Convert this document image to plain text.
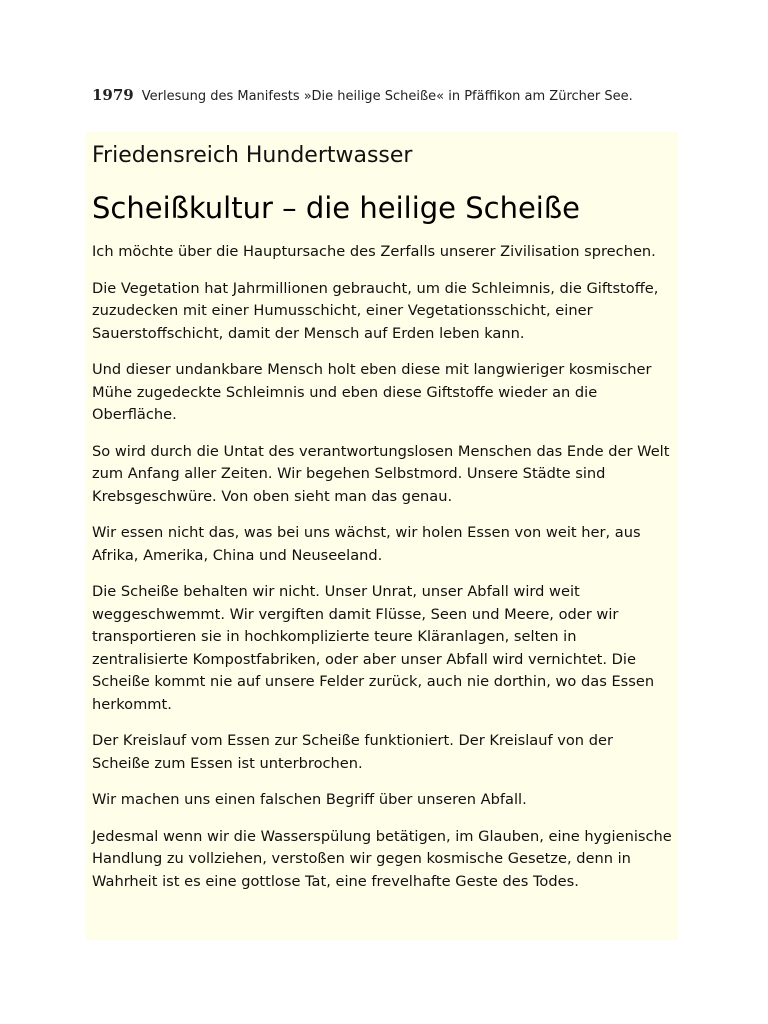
1979 Verlesung des Manifests »Die heilige Scheiße« in Pfäffikon am Zürcher See.
Friedensreich Hundertwasser
Scheißkultur – die heilige Scheiße

Ich möchte über die Hauptursache des Zerfalls unserer Zivilisation sprechen.

Die Vegetation hat Jahrmillionen gebraucht, um die Schleimnis, die Giftstoffe, zuzudecken mit einer Humusschicht, einer Vegetationsschicht, einer Sauerstoffschicht, damit der Mensch auf Erden leben kann.

Und dieser undankbare Mensch holt eben diese mit langwieriger kosmischer Mühe zugedeckte Schleimnis und eben diese Giftstoffe wieder an die Oberfläche.

So wird durch die Untat des verantwortungslosen Menschen das Ende der Welt zum Anfang aller Zeiten. Wir begehen Selbstmord. Unsere Städte sind Krebsgeschwüre. Von oben sieht man das genau.

Wir essen nicht das, was bei uns wächst, wir holen Essen von weit her, aus Afrika, Amerika, China und Neuseeland.

Die Scheiße behalten wir nicht. Unser Unrat, unser Abfall wird weit weggeschwemmt. Wir vergiften damit Flüsse, Seen und Meere, oder wir transportieren sie in hochkomplizierte teure Kläranlagen, selten in zentralisierte Kompostfabriken, oder aber unser Abfall wird vernichtet. Die Scheiße kommt nie auf unsere Felder zurück, auch nie dorthin, wo das Essen herkommt.

Der Kreislauf vom Essen zur Scheiße funktioniert. Der Kreislauf von der Scheiße zum Essen ist unterbrochen.

Wir machen uns einen falschen Begriff über unseren Abfall.

Jedesmal wenn wir die Wasserspülung betätigen, im Glauben, eine hygienische Handlung zu vollziehen, verstoßen wir gegen kosmische Gesetze, denn in Wahrheit ist es eine gottlose Tat, eine frevelhafte Geste des Todes.
